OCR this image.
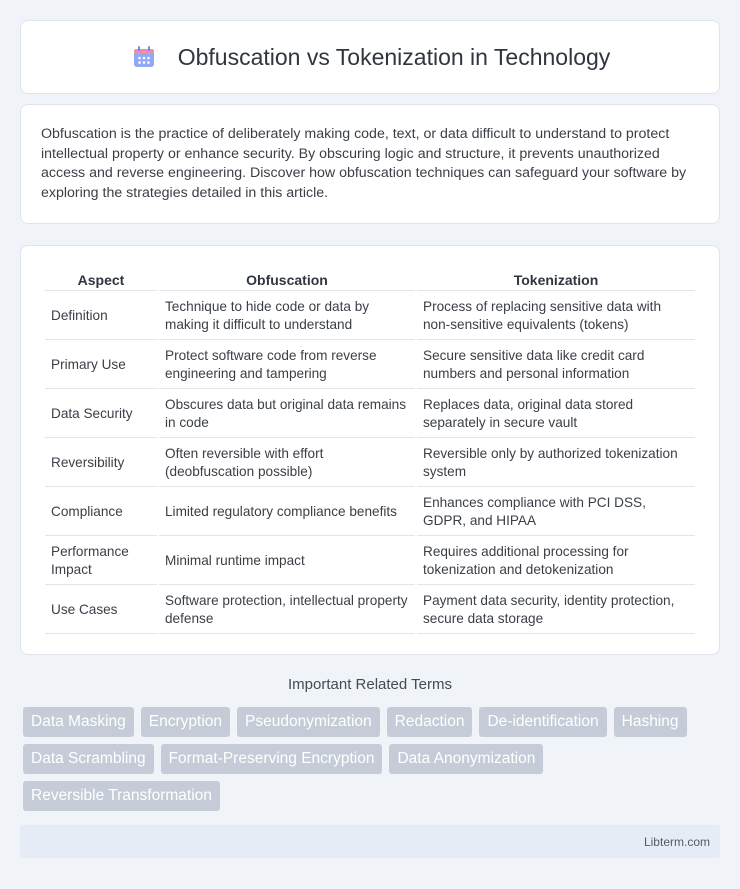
Obfuscation vs Tokenization in Technology

Obfuscation is the practice of deliberately making code, text, or data difficult to understand to protect intellectual property or enhance security. By obscuring logic and structure, it prevents unauthorized access and reverse engineering. Discover how obfuscation techniques can safeguard your software by exploring the strategies detailed in this article.

Aspect	Obfuscation	Tokenization
Definition	Technique to hide code or data by making it difficult to understand	Process of replacing sensitive data with non-sensitive equivalents (tokens)
Primary Use	Protect software code from reverse engineering and tampering	Secure sensitive data like credit card numbers and personal information
Data Security	Obscures data but original data remains in code	Replaces data, original data stored separately in secure vault
Reversibility	Often reversible with effort (deobfuscation possible)	Reversible only by authorized tokenization system
Compliance	Limited regulatory compliance benefits	Enhances compliance with PCI DSS, GDPR, and HIPAA
Performance Impact	Minimal runtime impact	Requires additional processing for tokenization and detokenization
Use Cases	Software protection, intellectual property defense	Payment data security, identity protection, secure data storage
Important Related Terms
Data Masking	Encryption	Pseudonymization	Redaction	De-identification	Hashing
Data Scrambling	Format-Preserving Encryption	Data Anonymization
Reversible Transformation
Libterm.com
